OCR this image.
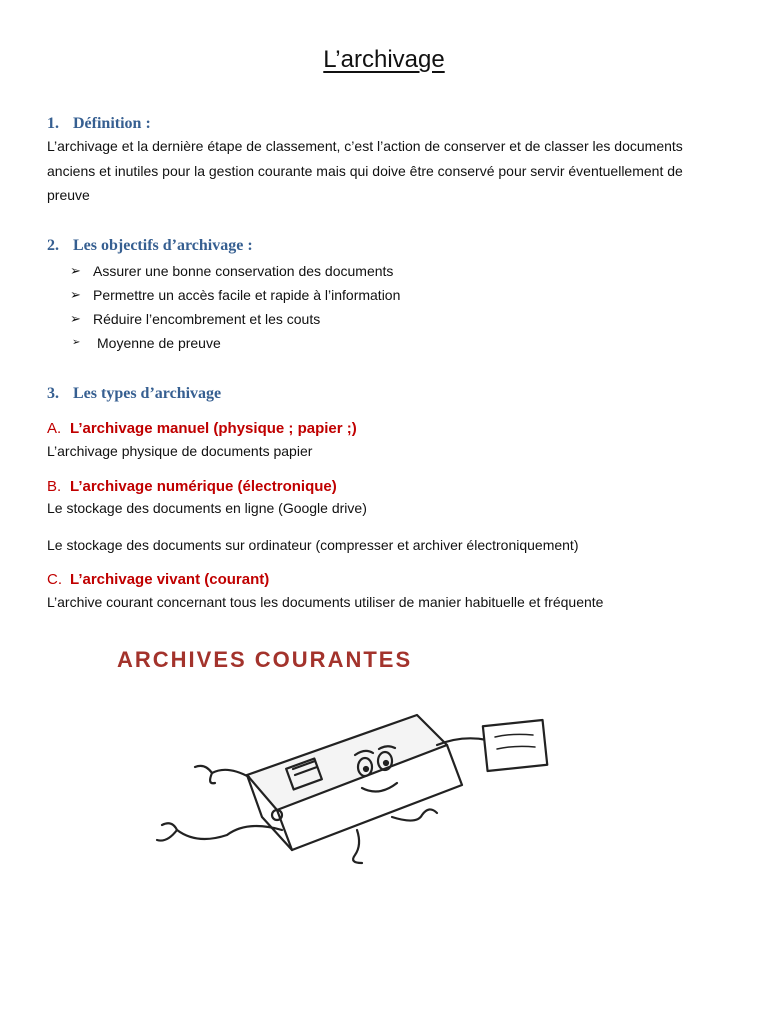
L’archivage
1. Définition :
L’archivage et la dernière étape de classement, c’est l’action de conserver et de classer les documents anciens et inutiles pour la gestion courante mais qui doive être conservé pour servir éventuellement de preuve
2. Les objectifs d’archivage :
➢ Assurer une bonne conservation des documents
➢ Permettre un accès facile et rapide à l’information
➢ Réduire l’encombrement et les couts
➢ Moyenne de preuve
3. Les types d’archivage
A. L’archivage manuel (physique ; papier ;)
L’archivage physique de documents papier
B. L’archivage numérique (électronique)
Le stockage des documents en ligne (Google drive)
Le stockage des documents sur ordinateur (compresser et archiver électroniquement)
C. L’archivage vivant (courant)
L’archive courant concernant tous les documents utiliser de manier habituelle et fréquente
ARCHIVES COURANTES
